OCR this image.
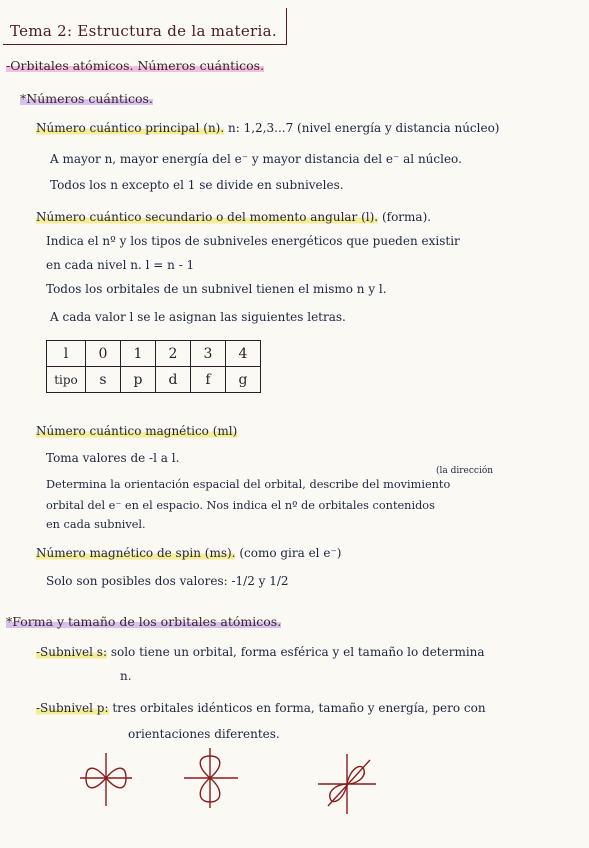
Tema 2: Estructura de la materia.
-Orbitales atómicos. Números cuánticos.
*Números cuánticos.
Número cuántico principal (n). n: 1,2,3...7 (nivel energía y distancia núcleo)
A mayor n, mayor energía del e⁻ y mayor distancia del e⁻ al núcleo.
Todos los n excepto el 1 se divide en subniveles.
Número cuántico secundario o del momento angular (l). (forma).
Indica el nº y los tipos de subniveles energéticos que pueden existir
en cada nivel n. l = n - 1
Todos los orbitales de un subnivel tienen el mismo n y l.
A cada valor l se le asignan las siguientes letras.
l	0	1	2	3	4
tipo	s	p	d	f	g
Número cuántico magnético (ml)
Toma valores de -l a l.
(la dirección
Determina la orientación espacial del orbital, describe del movimiento
orbital del e⁻ en el espacio. Nos indica el nº de orbitales contenidos
en cada subnivel.
Número magnético de spin (ms). (como gira el e⁻)
Solo son posibles dos valores: -1/2 y 1/2
*Forma y tamaño de los orbitales atómicos.
-Subnivel s: solo tiene un orbital, forma esférica y el tamaño lo determina
n.
-Subnivel p: tres orbitales idénticos en forma, tamaño y energía, pero con
orientaciones diferentes.
